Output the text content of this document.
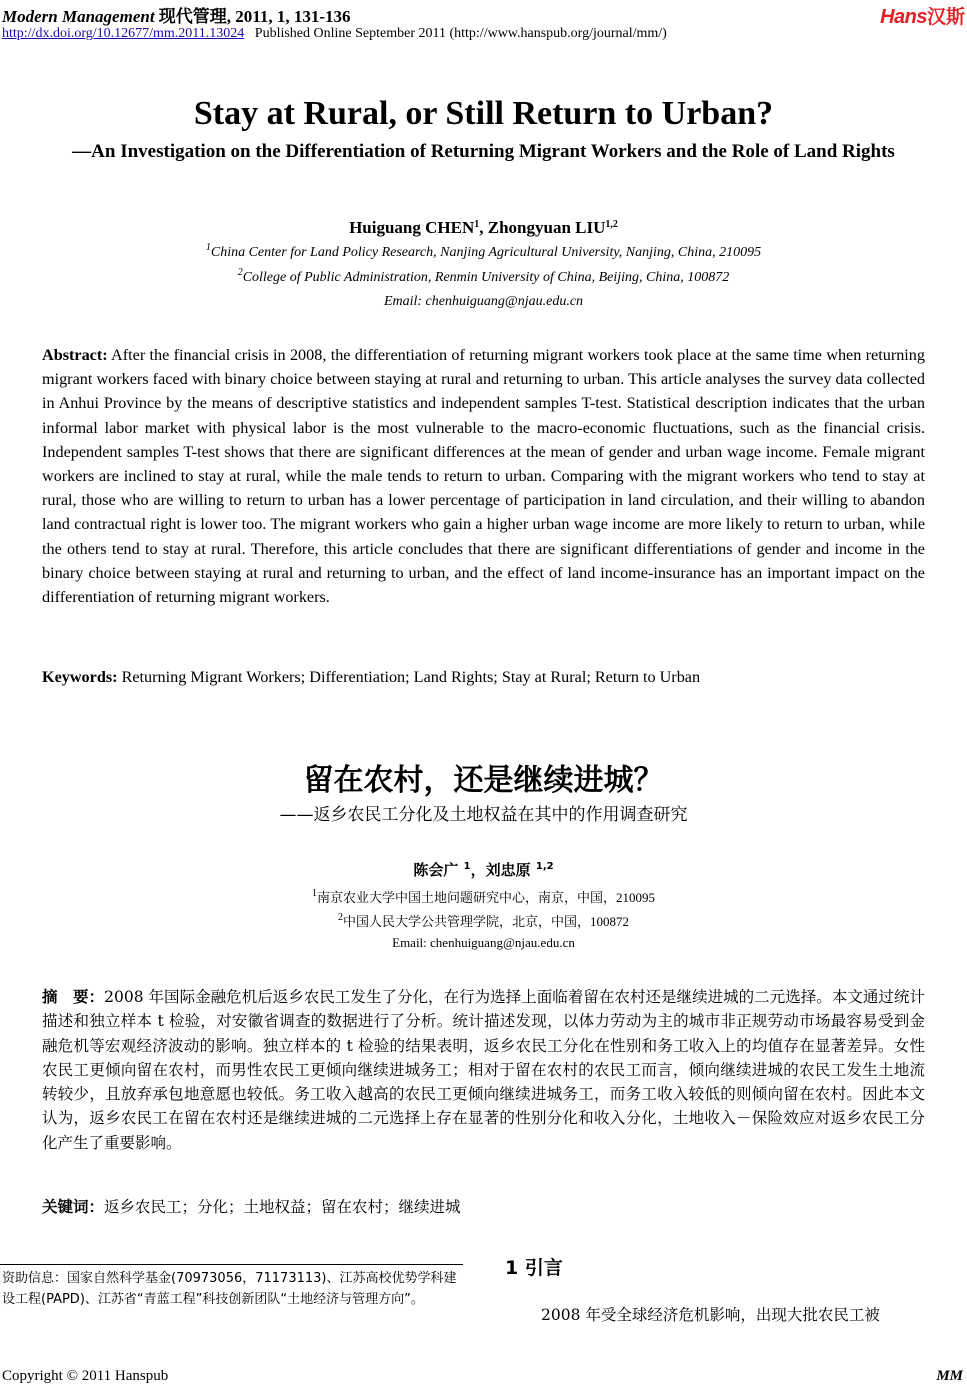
Modern Management 现代管理, 2011, 1, 131-136
http://dx.doi.org/10.12677/mm.2011.13024 Published Online September 2011 (http://www.hanspub.org/journal/mm/)
Hans汉斯
Stay at Rural, or Still Return to Urban?
—An Investigation on the Differentiation of Returning Migrant Workers and the Role of Land Rights
Huiguang CHEN$^1$, Zhongyuan LIU$^{1,2}$
$^1$China Center for Land Policy Research, Nanjing Agricultural University, Nanjing, China, 210095
$^2$College of Public Administration, Renmin University of China, Beijing, China, 100872
Email: chenhuiguang@njau.edu.cn
Abstract: After the financial crisis in 2008, the differentiation of returning migrant workers took place at the same time when returning migrant workers faced with binary choice between staying at rural and returning to urban. This article analyses the survey data collected in Anhui Province by the means of descriptive statistics and independent samples T-test. Statistical description indicates that the urban informal labor market with physical labor is the most vulnerable to the macro-economic fluctuations, such as the financial crisis. Independent samples T-test shows that there are significant differences at the mean of gender and urban wage income. Female migrant workers are inclined to stay at rural, while the male tends to return to urban. Comparing with the migrant workers who tend to stay at rural, those who are willing to return to urban has a lower percentage of participation in land circulation, and their willing to abandon land contractual right is lower too. The migrant workers who gain a higher urban wage income are more likely to return to urban, while the others tend to stay at rural. Therefore, this article concludes that there are significant differentiations of gender and income in the binary choice between staying at rural and returning to urban, and the effect of land income-insurance has an important impact on the differentiation of returning migrant workers.
Keywords: Returning Migrant Workers; Differentiation; Land Rights; Stay at Rural; Return to Urban
留在农村，还是继续进城？
——返乡农民工分化及土地权益在其中的作用调查研究
陈会广 $^1$，刘忠原 $^{1,2}$
$^1$南京农业大学中国土地问题研究中心，南京，中国，210095
$^2$中国人民大学公共管理学院，北京，中国，100872
Email: chenhuiguang@njau.edu.cn
摘　要：2008 年国际金融危机后返乡农民工发生了分化，在行为选择上面临着留在农村还是继续进城的二元选择。本文通过统计描述和独立样本 t 检验，对安徽省调查的数据进行了分析。统计描述发现，以体力劳动为主的城市非正规劳动市场最容易受到金融危机等宏观经济波动的影响。独立样本的 t 检验的结果表明，返乡农民工分化在性别和务工收入上的均值存在显著差异。女性农民工更倾向留在农村，而男性农民工更倾向继续进城务工；相对于留在农村的农民工而言，倾向继续进城的农民工发生土地流转较少，且放弃承包地意愿也较低。务工收入越高的农民工更倾向继续进城务工，而务工收入较低的则倾向留在农村。因此本文认为，返乡农民工在留在农村还是继续进城的二元选择上存在显著的性别分化和收入分化，土地收入－保险效应对返乡农民工分化产生了重要影响。
关键词：返乡农民工；分化；土地权益；留在农村；继续进城
资助信息：国家自然科学基金(70973056，71173113)、江苏高校优势学科建设工程(PAPD)、江苏省“青蓝工程”科技创新团队“土地经济与管理方向”。
1 引言
2008 年受全球经济危机影响，出现大批农民工被
Copyright © 2011 Hanspub	MM
